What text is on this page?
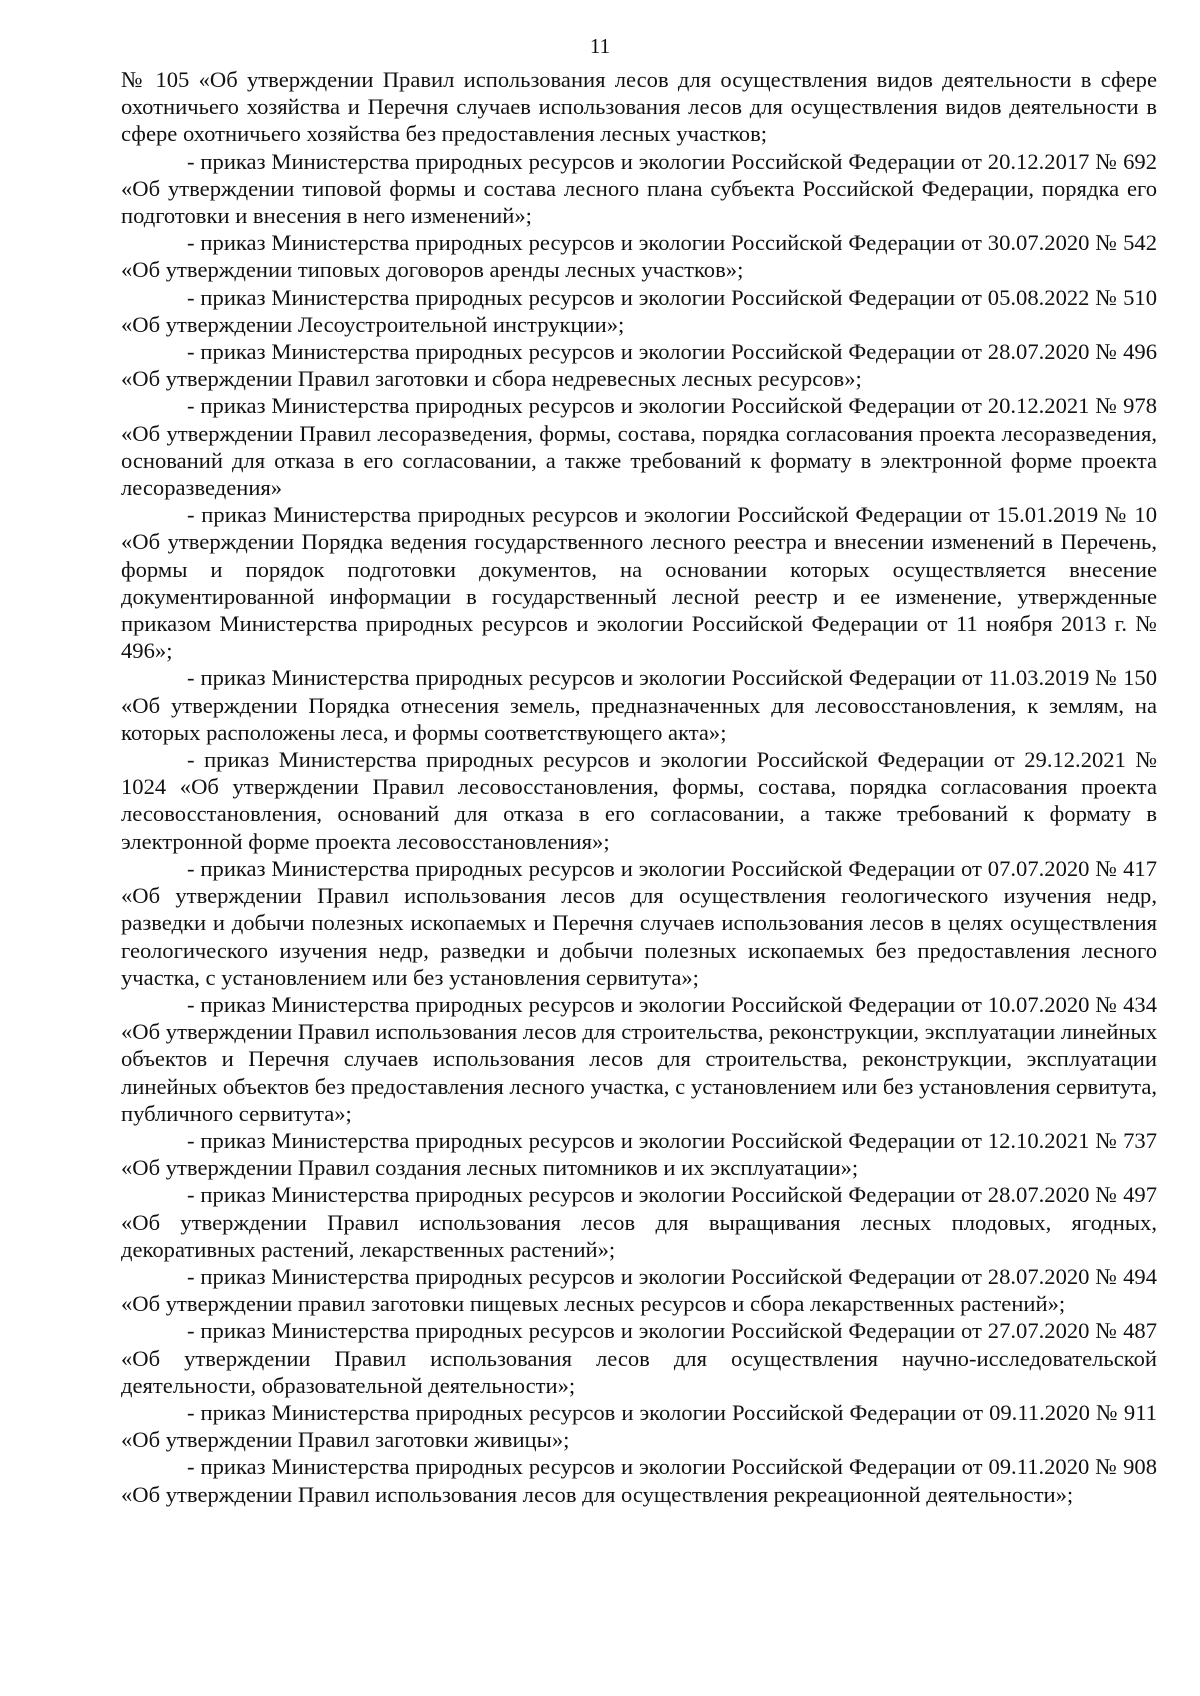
11

№ 105 «Об утверждении Правил использования лесов для осуществления видов деятельности в сфере охотничьего хозяйства и Перечня случаев использования лесов для осуществления видов деятельности в сфере охотничьего хозяйства без предоставления лесных участков;

- приказ Министерства природных ресурсов и экологии Российской Федерации от 20.12.2017 № 692 «Об утверждении типовой формы и состава лесного плана субъекта Российской Федерации, порядка его подготовки и внесения в него изменений»;

- приказ Министерства природных ресурсов и экологии Российской Федерации от 30.07.2020 № 542 «Об утверждении типовых договоров аренды лесных участков»;

- приказ Министерства природных ресурсов и экологии Российской Федерации от 05.08.2022 № 510 «Об утверждении Лесоустроительной инструкции»;

- приказ Министерства природных ресурсов и экологии Российской Федерации от 28.07.2020 № 496 «Об утверждении Правил заготовки и сбора недревесных лесных ресурсов»;

- приказ Министерства природных ресурсов и экологии Российской Федерации от 20.12.2021 № 978 «Об утверждении Правил лесоразведения, формы, состава, порядка согласования проекта лесоразведения, оснований для отказа в его согласовании, а также требований к формату в электронной форме проекта лесоразведения»

- приказ Министерства природных ресурсов и экологии Российской Федерации от 15.01.2019 № 10 «Об утверждении Порядка ведения государственного лесного реестра и внесении изменений в Перечень, формы и порядок подготовки документов, на основании которых осуществляется внесение документированной информации в государственный лесной реестр и ее изменение, утвержденные приказом Министерства природных ресурсов и экологии Российской Федерации от 11 ноября 2013 г. № 496»;

- приказ Министерства природных ресурсов и экологии Российской Федерации от 11.03.2019 № 150 «Об утверждении Порядка отнесения земель, предназначенных для лесовосстановления, к землям, на которых расположены леса, и формы соответствующего акта»;

- приказ Министерства природных ресурсов и экологии Российской Федерации от 29.12.2021 № 1024 «Об утверждении Правил лесовосстановления, формы, состава, порядка согласования проекта лесовосстановления, оснований для отказа в его согласовании, а также требований к формату в электронной форме проекта лесовосстановления»;

- приказ Министерства природных ресурсов и экологии Российской Федерации от 07.07.2020 № 417 «Об утверждении Правил использования лесов для осуществления геологического изучения недр, разведки и добычи полезных ископаемых и Перечня случаев использования лесов в целях осуществления геологического изучения недр, разведки и добычи полезных ископаемых без предоставления лесного участка, с установлением или без установления сервитута»;

- приказ Министерства природных ресурсов и экологии Российской Федерации от 10.07.2020 № 434 «Об утверждении Правил использования лесов для строительства, реконструкции, эксплуатации линейных объектов и Перечня случаев использования лесов для строительства, реконструкции, эксплуатации линейных объектов без предоставления лесного участка, с установлением или без установления сервитута, публичного сервитута»;

- приказ Министерства природных ресурсов и экологии Российской Федерации от 12.10.2021 № 737 «Об утверждении Правил создания лесных питомников и их эксплуатации»;

- приказ Министерства природных ресурсов и экологии Российской Федерации от 28.07.2020 № 497 «Об утверждении Правил использования лесов для выращивания лесных плодовых, ягодных, декоративных растений, лекарственных растений»;

- приказ Министерства природных ресурсов и экологии Российской Федерации от 28.07.2020 № 494 «Об утверждении правил заготовки пищевых лесных ресурсов и сбора лекарственных растений»;

- приказ Министерства природных ресурсов и экологии Российской Федерации от 27.07.2020 № 487 «Об утверждении Правил использования лесов для осуществления научно-исследовательской деятельности, образовательной деятельности»;

- приказ Министерства природных ресурсов и экологии Российской Федерации от 09.11.2020 № 911 «Об утверждении Правил заготовки живицы»;

- приказ Министерства природных ресурсов и экологии Российской Федерации от 09.11.2020 № 908 «Об утверждении Правил использования лесов для осуществления рекреационной деятельности»;
